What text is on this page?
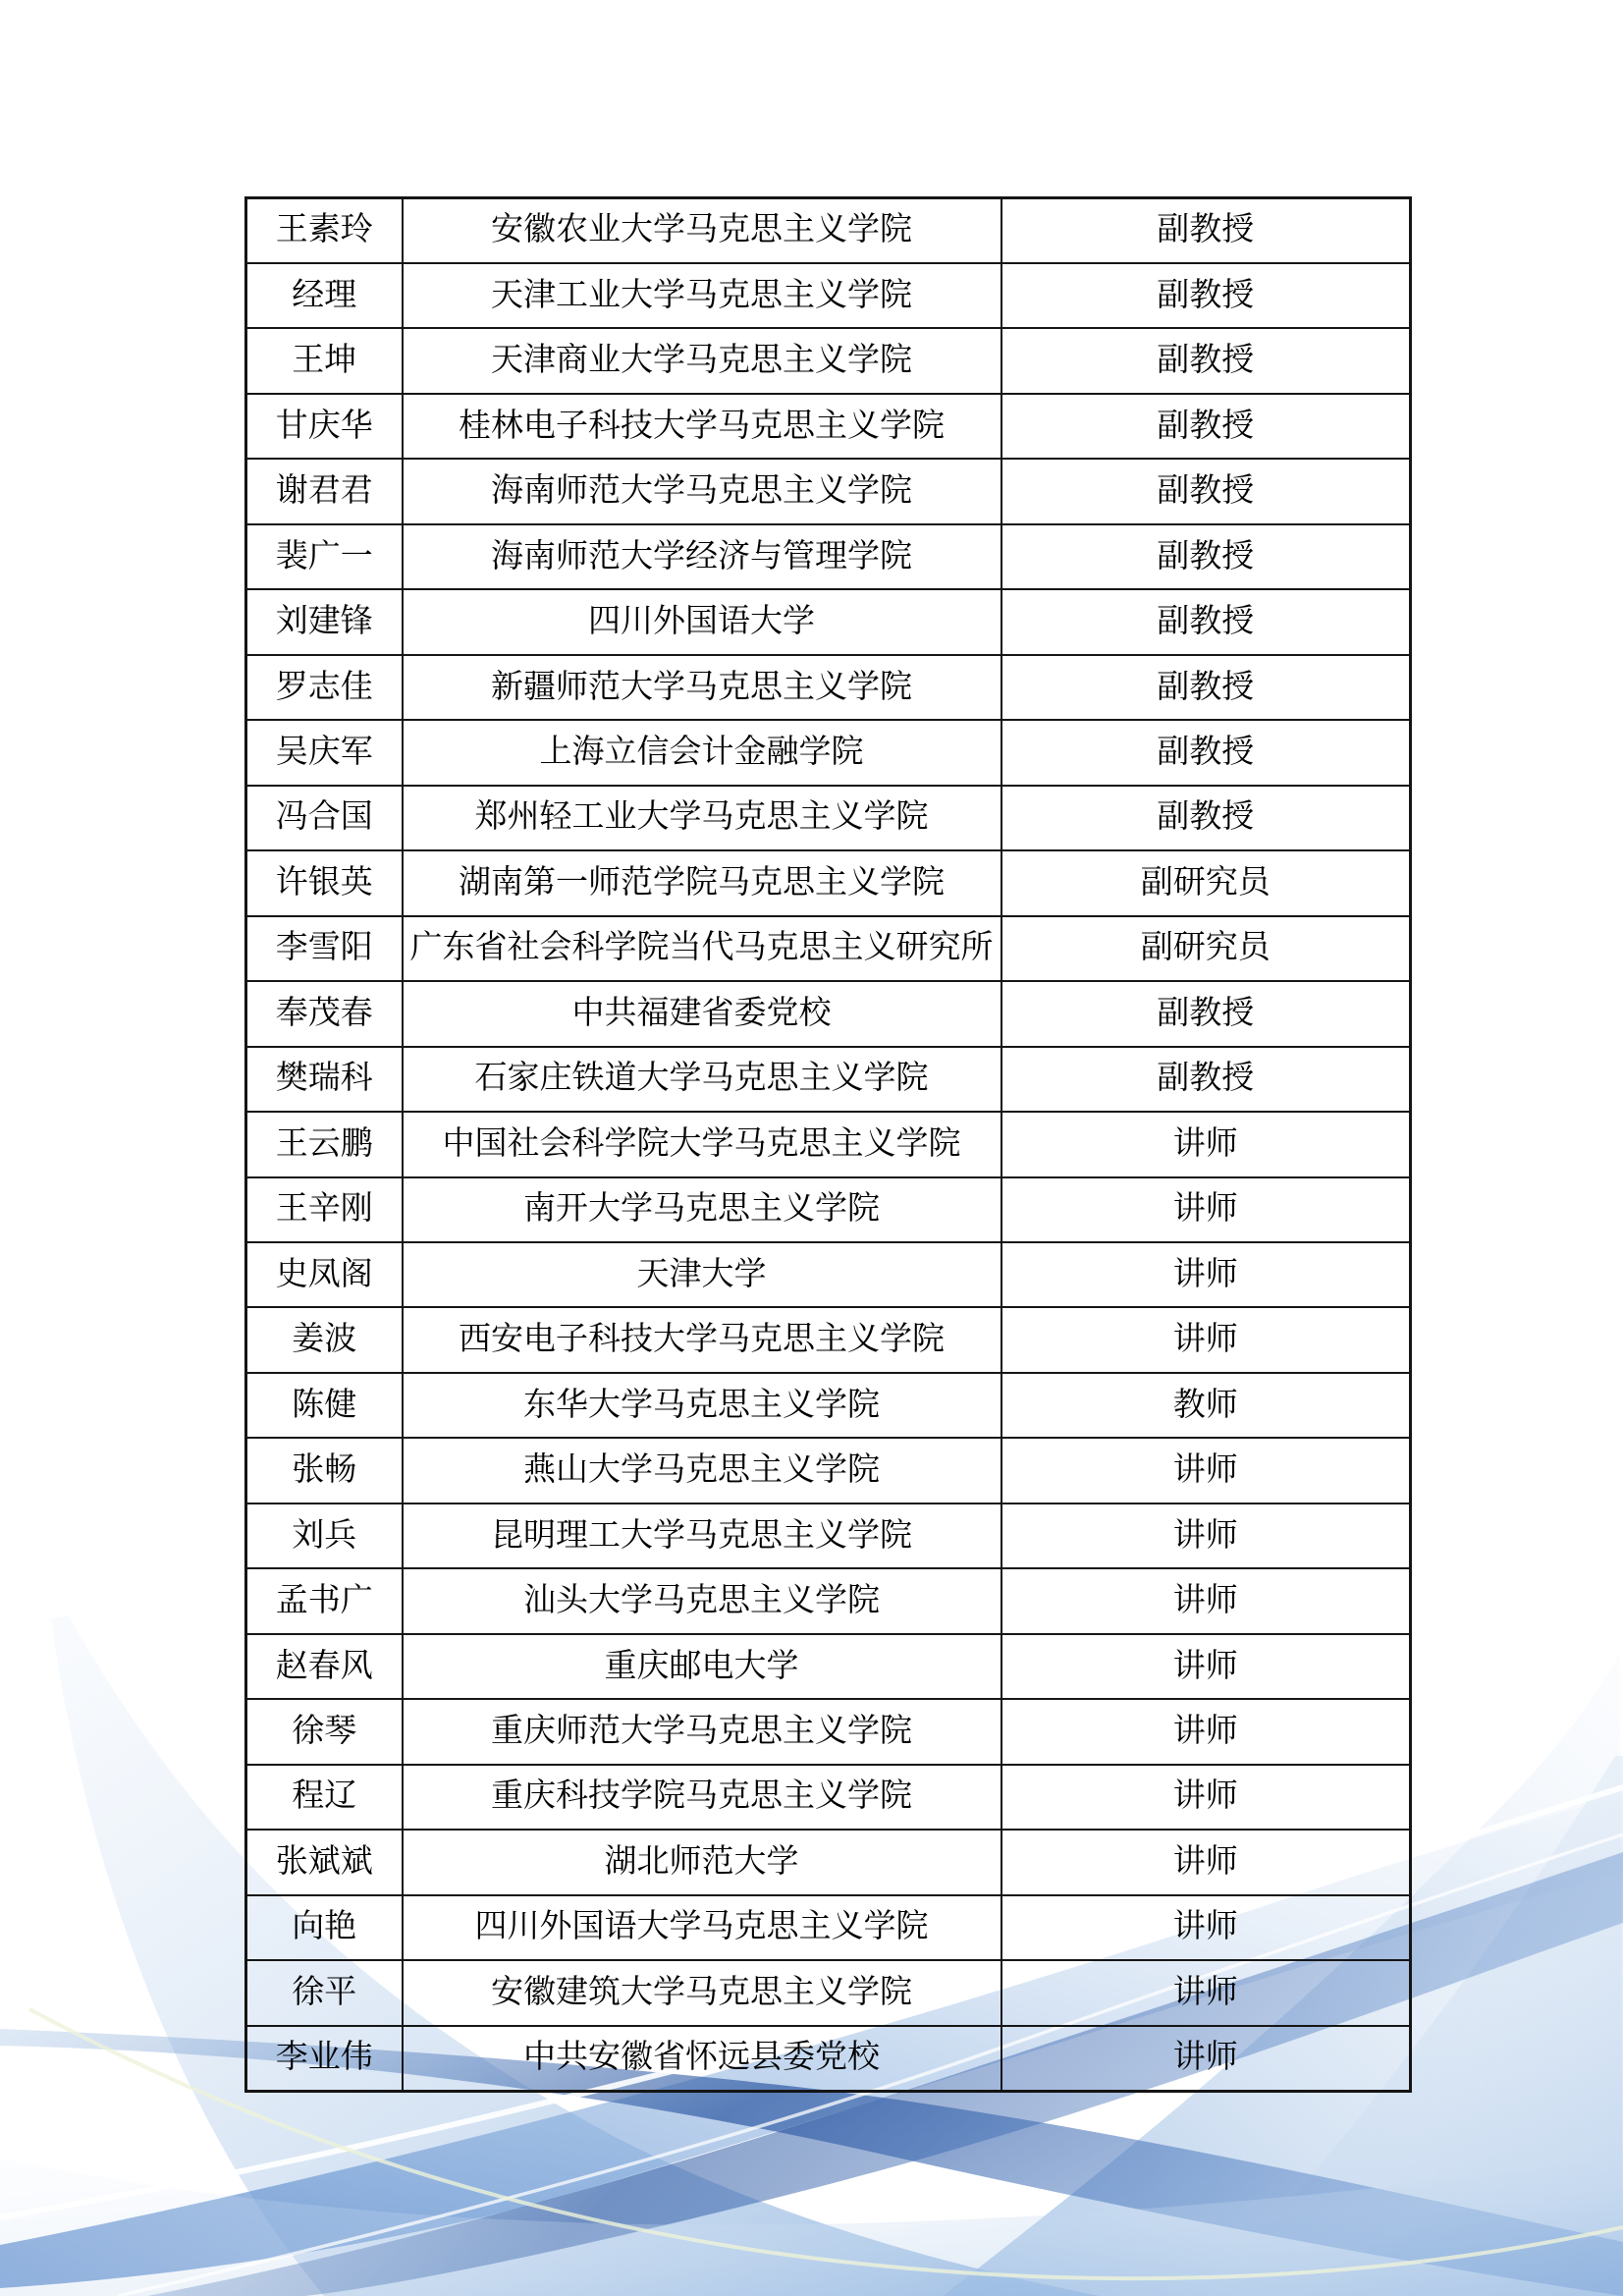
王素玲	安徽农业大学马克思主义学院	副教授
经理	天津工业大学马克思主义学院	副教授
王坤	天津商业大学马克思主义学院	副教授
甘庆华	桂林电子科技大学马克思主义学院	副教授
谢君君	海南师范大学马克思主义学院	副教授
裴广一	海南师范大学经济与管理学院	副教授
刘建锋	四川外国语大学	副教授
罗志佳	新疆师范大学马克思主义学院	副教授
吴庆军	上海立信会计金融学院	副教授
冯合国	郑州轻工业大学马克思主义学院	副教授
许银英	湖南第一师范学院马克思主义学院	副研究员
李雪阳	广东省社会科学院当代马克思主义研究所	副研究员
奉茂春	中共福建省委党校	副教授
樊瑞科	石家庄铁道大学马克思主义学院	副教授
王云鹏	中国社会科学院大学马克思主义学院	讲师
王辛刚	南开大学马克思主义学院	讲师
史凤阁	天津大学	讲师
姜波	西安电子科技大学马克思主义学院	讲师
陈健	东华大学马克思主义学院	教师
张畅	燕山大学马克思主义学院	讲师
刘兵	昆明理工大学马克思主义学院	讲师
孟书广	汕头大学马克思主义学院	讲师
赵春风	重庆邮电大学	讲师
徐琴	重庆师范大学马克思主义学院	讲师
程辽	重庆科技学院马克思主义学院	讲师
张斌斌	湖北师范大学	讲师
向艳	四川外国语大学马克思主义学院	讲师
徐平	安徽建筑大学马克思主义学院	讲师
李业伟	中共安徽省怀远县委党校	讲师
